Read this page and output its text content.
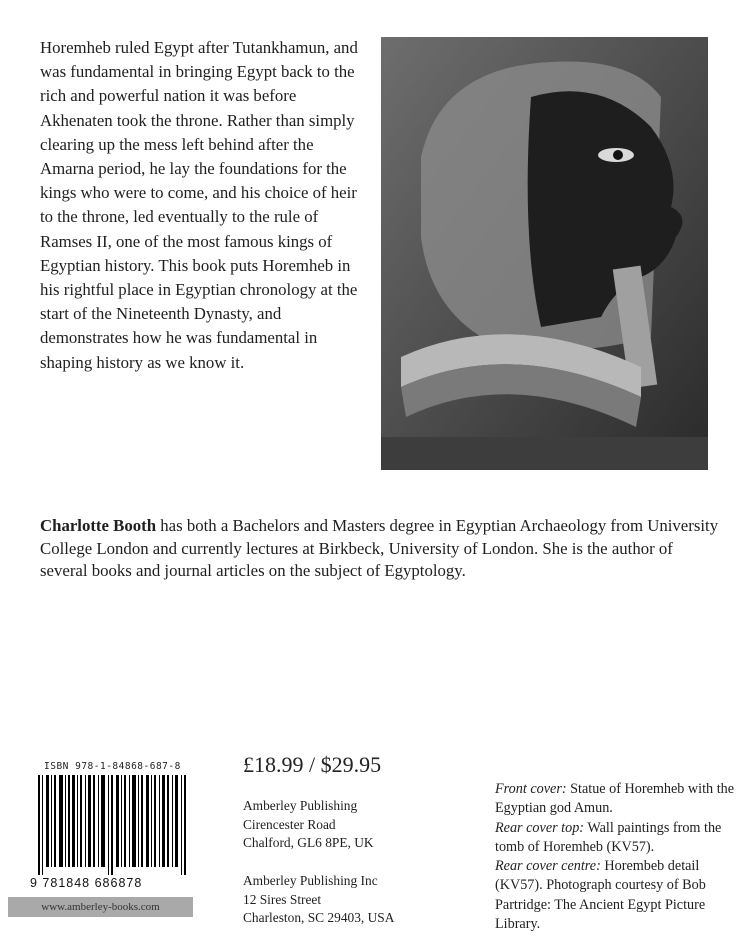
Horemheb ruled Egypt after Tutankhamun, and was fundamental in bringing Egypt back to the rich and powerful nation it was before Akhenaten took the throne. Rather than simply clearing up the mess left behind after the Amarna period, he lay the foundations for the kings who were to come, and his choice of heir to the throne, led eventually to the rule of Ramses II, one of the most famous kings of Egyptian history. This book puts Horemheb in his rightful place in Egyptian chronology at the start of the Nineteenth Dynasty, and demonstrates how he was fundamental in shaping history as we know it.

Charlotte Booth has both a Bachelors and Masters degree in Egyptian Archaeology from University College London and currently lectures at Birkbeck, University of London. She is the author of several books and journal articles on the subject of Egyptology.

ISBN 978-1-84868-687-8
9 781848 686878
www.amberley-books.com
£18.99 / $29.95
Amberley Publishing
Cirencester Road
Chalford, GL6 8PE, UK
Amberley Publishing Inc
12 Sires Street
Charleston, SC 29403, USA

Front cover: Statue of Horemheb with the Egyptian god Amun.
Rear cover top: Wall paintings from the tomb of Horemheb (KV57).
Rear cover centre: Horembeb detail (KV57). Photograph courtesy of Bob Partridge: The Ancient Egypt Picture Library.
